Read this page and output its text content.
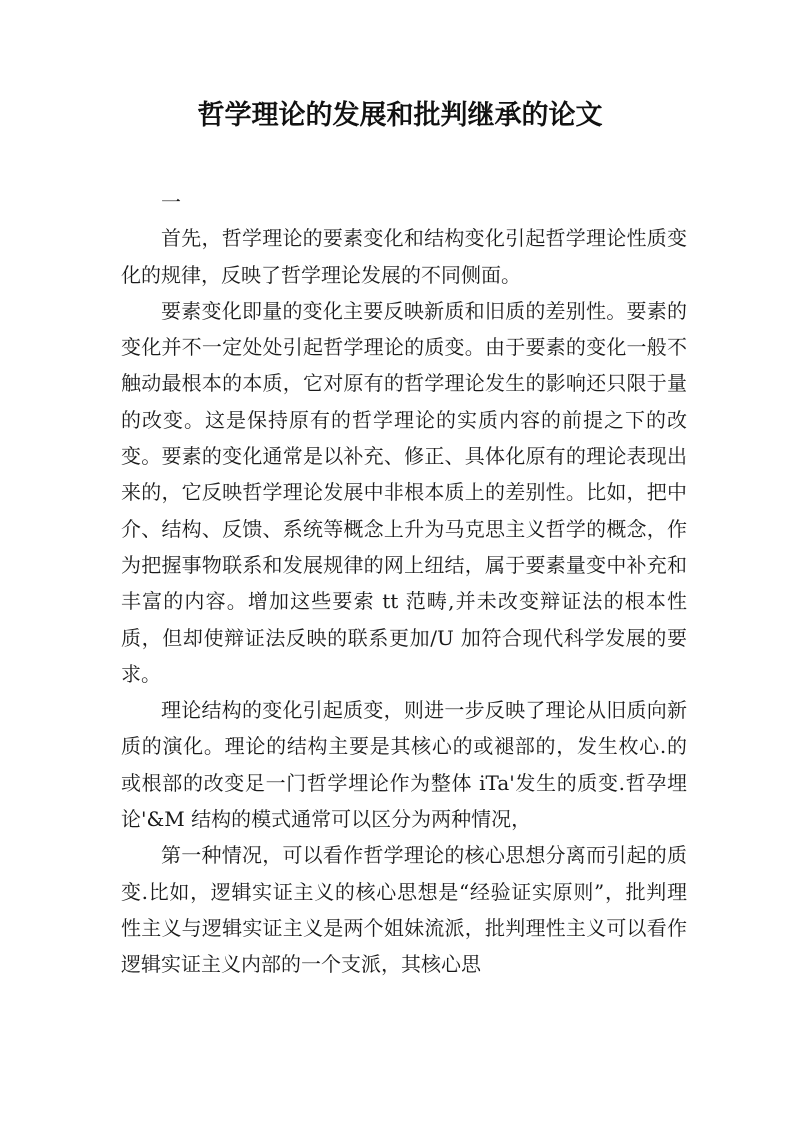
哲学理论的发展和批判继承的论文

一

首先，哲学理论的要素变化和结构变化引起哲学理论性质变化的规律，反映了哲学理论发展的不同侧面。

要素变化即量的变化主要反映新质和旧质的差别性。要素的变化并不一定处处引起哲学理论的质变。由于要素的变化一般不触动最根本的本质，它对原有的哲学理论发生的影响还只限于量的改变。这是保持原有的哲学理论的实质内容的前提之下的改变。要素的变化通常是以补充、修正、具体化原有的理论表现出来的，它反映哲学理论发展中非根本质上的差别性。比如，把中介、结构、反馈、系统等概念上升为马克思主义哲学的概念，作为把握事物联系和发展规律的网上纽结，属于要素量变中补充和丰富的内容。增加这些要索 tt 范畴,并未改变辩证法的根本性质，但却使辩证法反映的联系更加/U 加符合现代科学发展的要求。

理论结构的变化引起质变，则进一步反映了理论从旧质向新质的演化。理论的结构主要是其核心的或褪部的，发生枚心.的或根部的改变足一门哲学埋论作为整体 iTa'发生的质变.哲孕埋论'&M 结构的模式通常可以区分为两种情况，

第一种情况，可以看作哲学理论的核心思想分离而引起的质变.比如，逻辑实证主义的核心思想是“经验证实原则”，批判理性主义与逻辑实证主义是两个姐妹流派，批判理性主义可以看作逻辑实证主义内部的一个支派，其核心思
